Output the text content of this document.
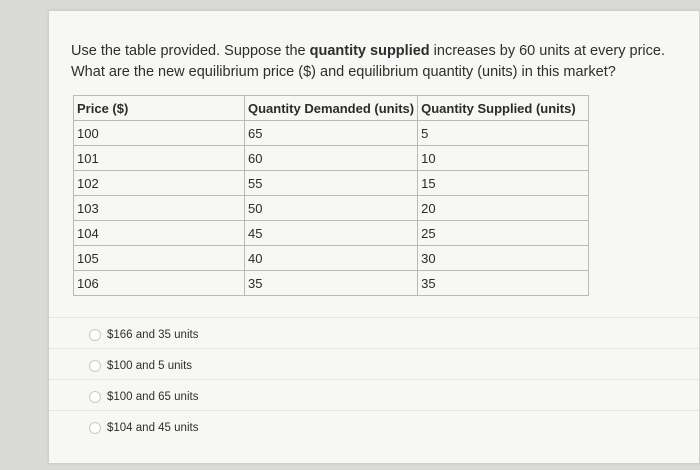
Use the table provided. Suppose the quantity supplied increases by 60 units at every price. What are the new equilibrium price ($) and equilibrium quantity (units) in this market?
Price ($)	Quantity Demanded (units)	Quantity Supplied (units)
100	65	5
101	60	10
102	55	15
103	50	20
104	45	25
105	40	30
106	35	35
$166 and 35 units
$100 and 5 units
$100 and 65 units
$104 and 45 units
